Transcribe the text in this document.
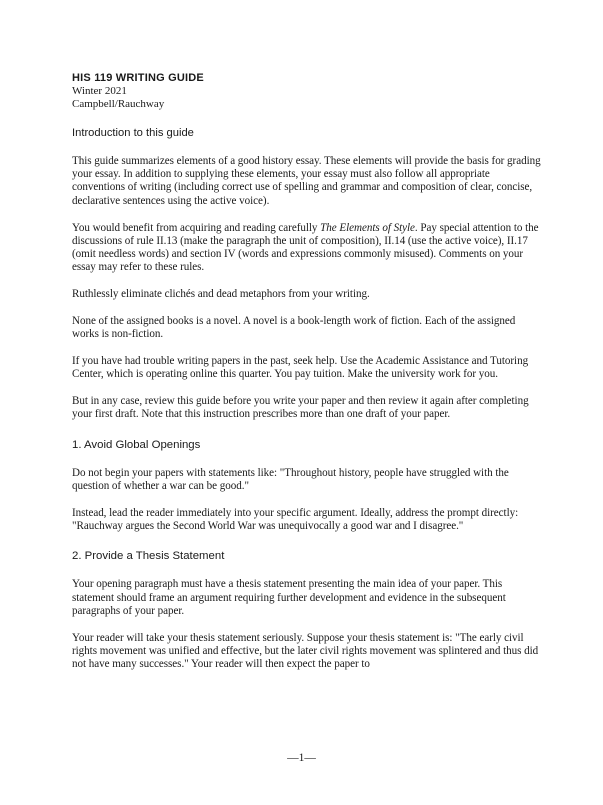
HIS 119 WRITING GUIDE
Winter 2021
Campbell/Rauchway
Introduction to this guide

This guide summarizes elements of a good history essay. These elements will provide the basis for grading your essay. In addition to supplying these elements, your essay must also follow all appropriate conventions of writing (including correct use of spelling and grammar and composition of clear, concise, declarative sentences using the active voice).

You would benefit from acquiring and reading carefully The Elements of Style. Pay special attention to the discussions of rule II.13 (make the paragraph the unit of composition), II.14 (use the active voice), II.17 (omit needless words) and section IV (words and expressions commonly misused). Comments on your essay may refer to these rules.

Ruthlessly eliminate clichés and dead metaphors from your writing.

None of the assigned books is a novel. A novel is a book-length work of fiction. Each of the assigned works is non-fiction.

If you have had trouble writing papers in the past, seek help. Use the Academic Assistance and Tutoring Center, which is operating online this quarter. You pay tuition. Make the university work for you.

But in any case, review this guide before you write your paper and then review it again after completing your first draft. Note that this instruction prescribes more than one draft of your paper.

1. Avoid Global Openings

Do not begin your papers with statements like: "Throughout history, people have struggled with the question of whether a war can be good."

Instead, lead the reader immediately into your specific argument. Ideally, address the prompt directly: "Rauchway argues the Second World War was unequivocally a good war and I disagree."

2. Provide a Thesis Statement

Your opening paragraph must have a thesis statement presenting the main idea of your paper. This statement should frame an argument requiring further development and evidence in the subsequent paragraphs of your paper.

Your reader will take your thesis statement seriously. Suppose your thesis statement is: "The early civil rights movement was unified and effective, but the later civil rights movement was splintered and thus did not have many successes." Your reader will then expect the paper to

—1—
